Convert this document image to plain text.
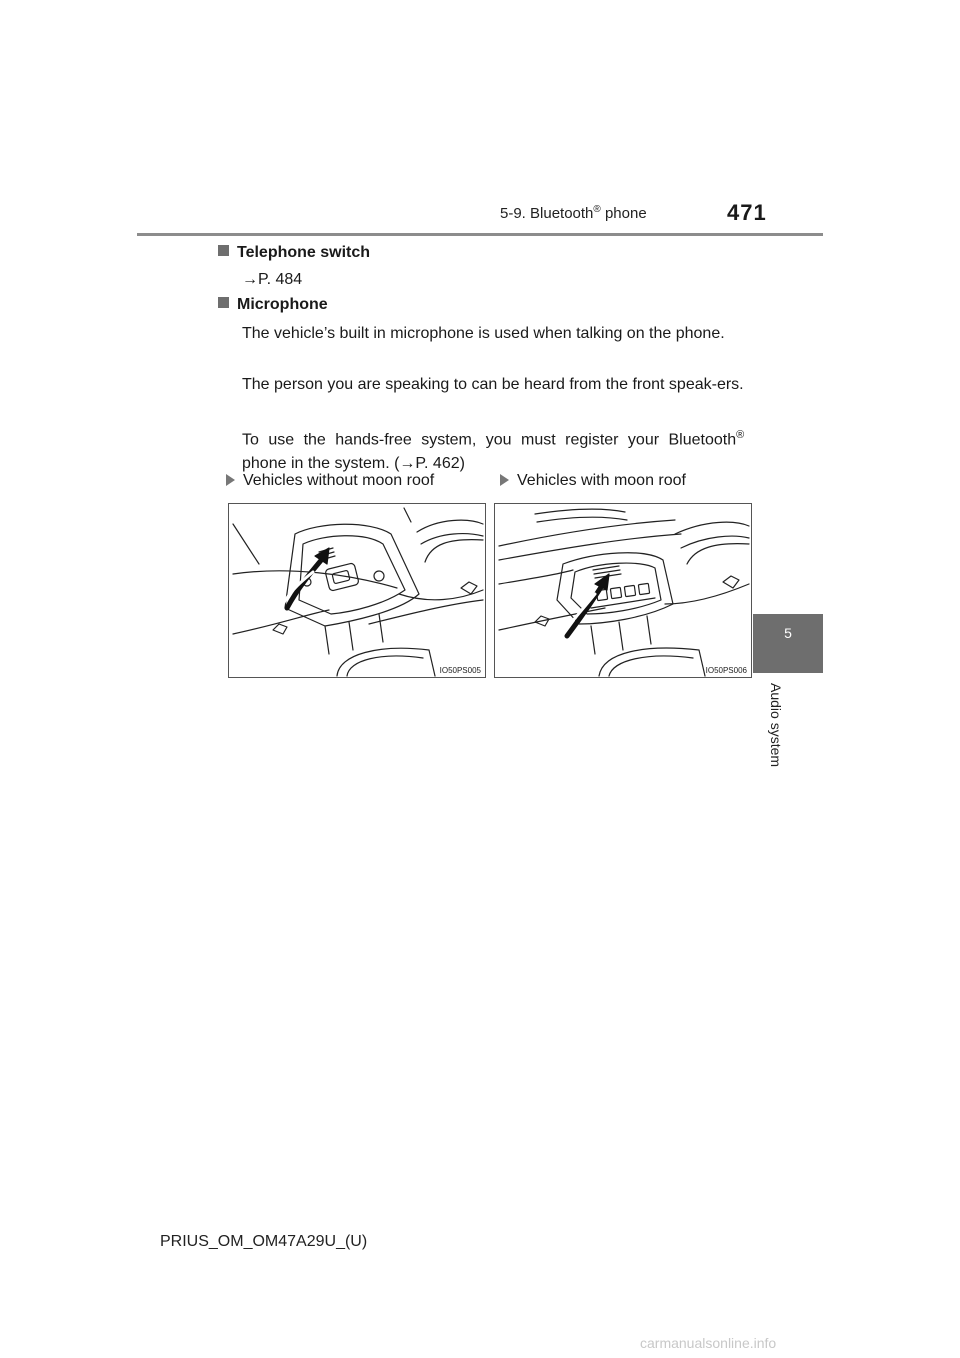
5-9. Bluetooth® phone	471
5
Audio system
Telephone switch
→P. 484
Microphone
The vehicle’s built in microphone is used when talking on the phone.
The person you are speaking to can be heard from the front speak-ers.
To use the hands-free system, you must register your Bluetooth®
phone in the system. (→P. 462)
Vehicles without moon roof	Vehicles with moon roof
IO50PS005	IO50PS006
PRIUS_OM_OM47A29U_(U)
carmanualsonline.info
